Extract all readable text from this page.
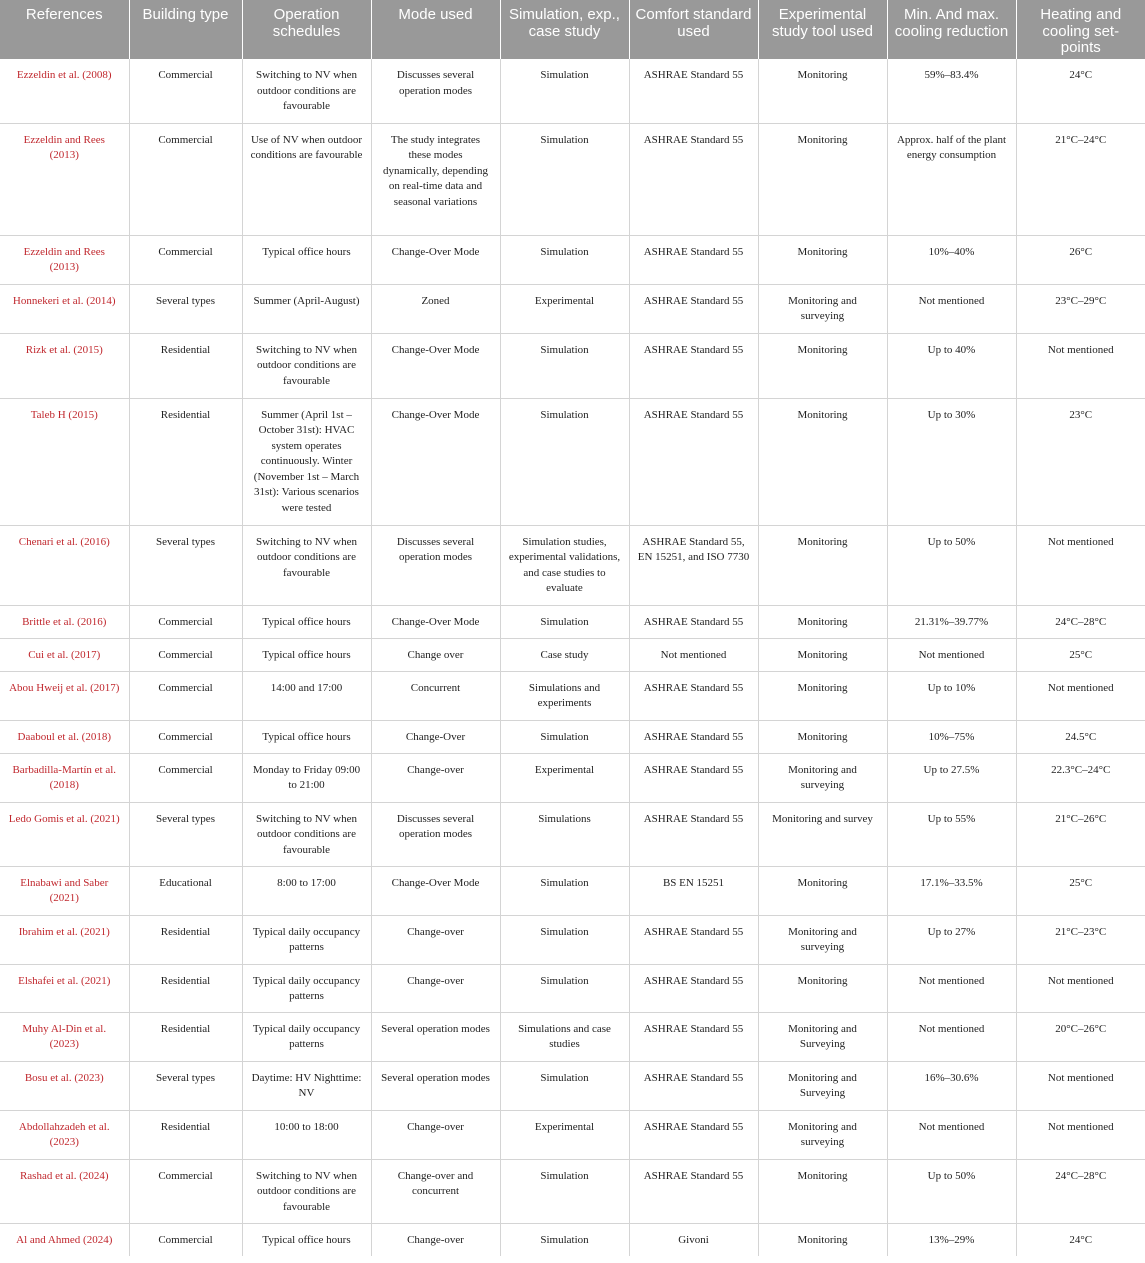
References	Building type	Operation schedules	Mode used	Simulation, exp., case study	Comfort standard used	Experimental study tool used	Min. And max. cooling reduction	Heating and cooling set-points
Ezzeldin et al. (2008)	Commercial	Switching to NV when outdoor conditions are favourable	Discusses several operation modes	Simulation	ASHRAE Standard 55	Monitoring	59%–83.4%	24°C
Ezzeldin and Rees (2013)	Commercial	Use of NV when outdoor conditions are favourable	The study integrates these modes dynamically, depending on real-time data and seasonal variations	Simulation	ASHRAE Standard 55	Monitoring	Approx. half of the plant energy consumption	21°C–24°C
Ezzeldin and Rees (2013)	Commercial	Typical office hours	Change-Over Mode	Simulation	ASHRAE Standard 55	Monitoring	10%–40%	26°C
Honnekeri et al. (2014)	Several types	Summer (April-August)	Zoned	Experimental	ASHRAE Standard 55	Monitoring and surveying	Not mentioned	23°C–29°C
Rizk et al. (2015)	Residential	Switching to NV when outdoor conditions are favourable	Change-Over Mode	Simulation	ASHRAE Standard 55	Monitoring	Up to 40%	Not mentioned
Taleb H (2015)	Residential	Summer (April 1st – October 31st): HVAC system operates continuously. Winter (November 1st – March 31st): Various scenarios were tested	Change-Over Mode	Simulation	ASHRAE Standard 55	Monitoring	Up to 30%	23°C
Chenari et al. (2016)	Several types	Switching to NV when outdoor conditions are favourable	Discusses several operation modes	Simulation studies, experimental validations, and case studies to evaluate	ASHRAE Standard 55, EN 15251, and ISO 7730	Monitoring	Up to 50%	Not mentioned
Brittle et al. (2016)	Commercial	Typical office hours	Change-Over Mode	Simulation	ASHRAE Standard 55	Monitoring	21.31%–39.77%	24°C–28°C
Cui et al. (2017)	Commercial	Typical office hours	Change over	Case study	Not mentioned	Monitoring	Not mentioned	25°C
Abou Hweij et al. (2017)	Commercial	14:00 and 17:00	Concurrent	Simulations and experiments	ASHRAE Standard 55	Monitoring	Up to 10%	Not mentioned
Daaboul et al. (2018)	Commercial	Typical office hours	Change-Over	Simulation	ASHRAE Standard 55	Monitoring	10%–75%	24.5°C
Barbadilla-Martín et al. (2018)	Commercial	Monday to Friday 09:00 to 21:00	Change-over	Experimental	ASHRAE Standard 55	Monitoring and surveying	Up to 27.5%	22.3°C–24°C
Ledo Gomis et al. (2021)	Several types	Switching to NV when outdoor conditions are favourable	Discusses several operation modes	Simulations	ASHRAE Standard 55	Monitoring and survey	Up to 55%	21°C–26°C
Elnabawi and Saber (2021)	Educational	8:00 to 17:00	Change-Over Mode	Simulation	BS EN 15251	Monitoring	17.1%–33.5%	25°C
Ibrahim et al. (2021)	Residential	Typical daily occupancy patterns	Change-over	Simulation	ASHRAE Standard 55	Monitoring and surveying	Up to 27%	21°C–23°C
Elshafei et al. (2021)	Residential	Typical daily occupancy patterns	Change-over	Simulation	ASHRAE Standard 55	Monitoring	Not mentioned	Not mentioned
Muhy Al-Din et al. (2023)	Residential	Typical daily occupancy patterns	Several operation modes	Simulations and case studies	ASHRAE Standard 55	Monitoring and Surveying	Not mentioned	20°C–26°C
Bosu et al. (2023)	Several types	Daytime: HV Nighttime: NV	Several operation modes	Simulation	ASHRAE Standard 55	Monitoring and Surveying	16%–30.6%	Not mentioned
Abdollahzadeh et al. (2023)	Residential	10:00 to 18:00	Change-over	Experimental	ASHRAE Standard 55	Monitoring and surveying	Not mentioned	Not mentioned
Rashad et al. (2024)	Commercial	Switching to NV when outdoor conditions are favourable	Change-over and concurrent	Simulation	ASHRAE Standard 55	Monitoring	Up to 50%	24°C–28°C
Al and Ahmed (2024)	Commercial	Typical office hours	Change-over	Simulation	Givoni	Monitoring	13%–29%	24°C
